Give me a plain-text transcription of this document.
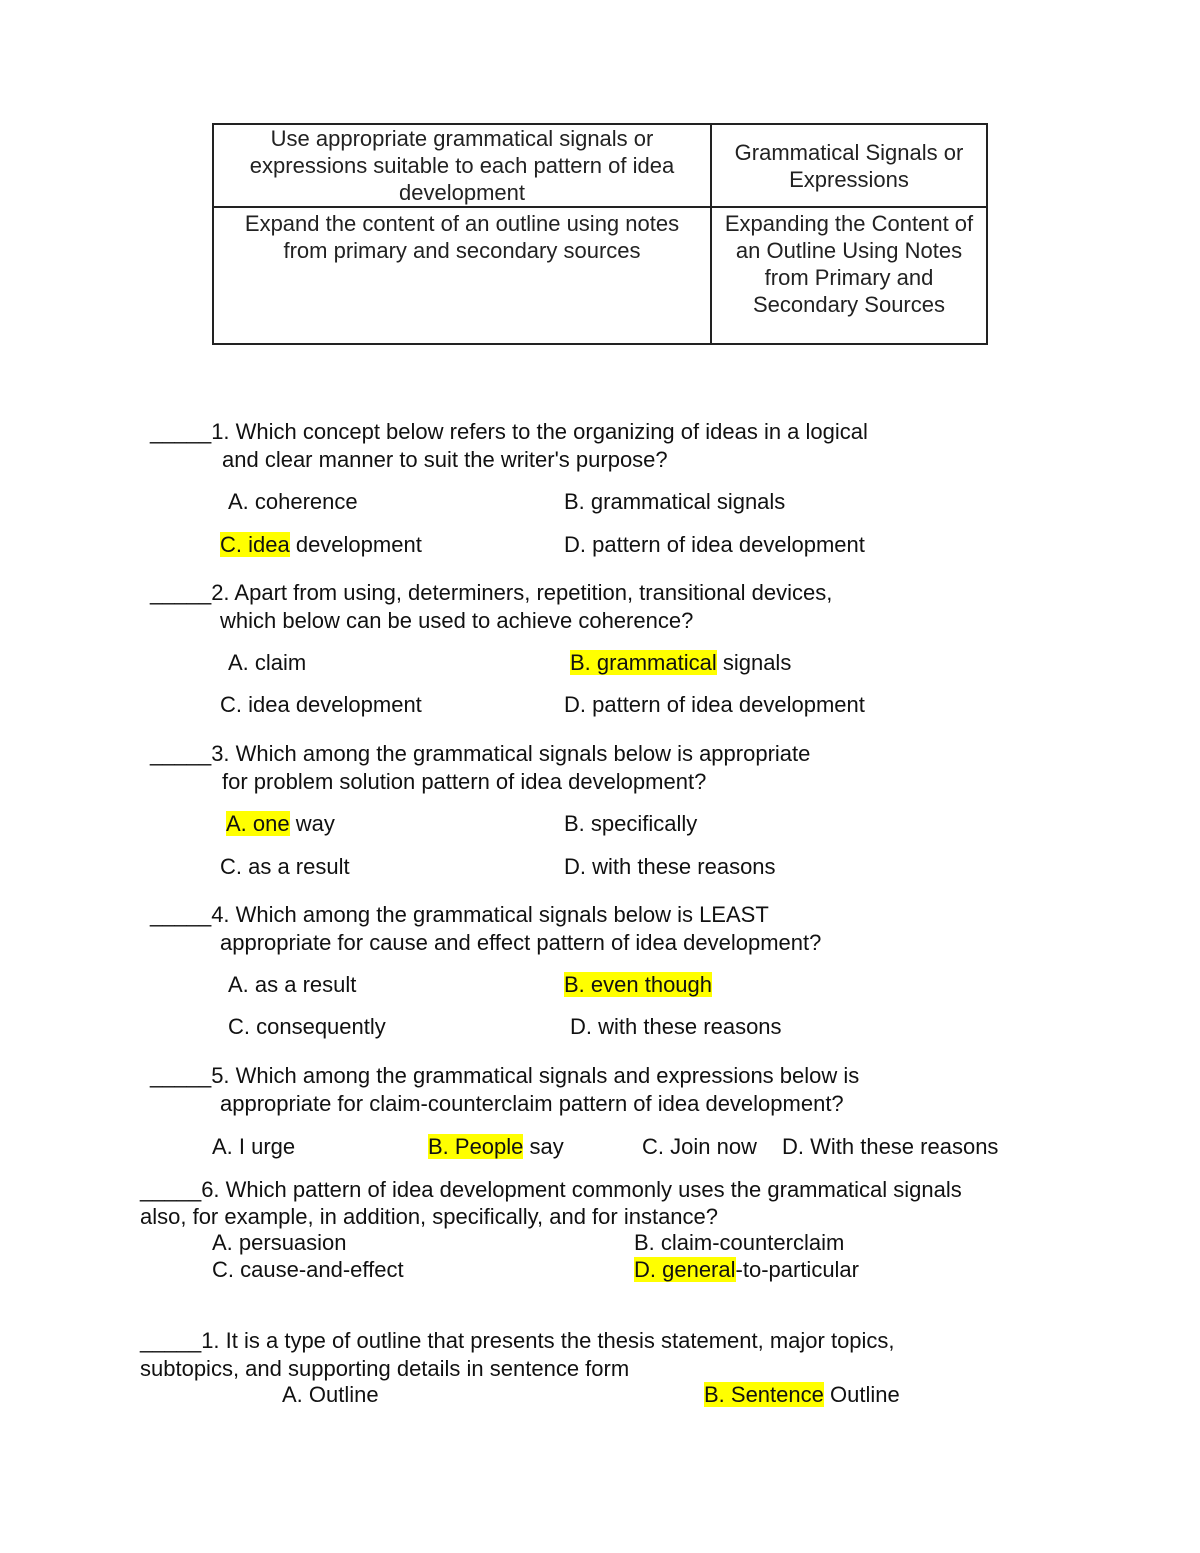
Use appropriate grammatical signals or expressions suitable to each pattern of idea development	Grammatical Signals or Expressions
Expand the content of an outline using notes from primary and secondary sources	Expanding the Content of an Outline Using Notes from Primary and Secondary Sources
_____1. Which concept below refers to the organizing of ideas in a logical
and clear manner to suit the writer's purpose?
A. coherence	B. grammatical signals
C. idea development	D. pattern of idea development
_____2. Apart from using, determiners, repetition, transitional devices,
which below can be used to achieve coherence?
A. claim	B. grammatical signals
C. idea development	D. pattern of idea development
_____3. Which among the grammatical signals below is appropriate
for problem solution pattern of idea development?
A. one way	B. specifically
C. as a result	D. with these reasons
_____4. Which among the grammatical signals below is LEAST
appropriate for cause and effect pattern of idea development?
A. as a result	B. even though
C. consequently	D. with these reasons
_____5. Which among the grammatical signals and expressions below is
appropriate for claim-counterclaim pattern of idea development?
A. I urge	B. People say	C. Join now D. With these reasons
_____6. Which pattern of idea development commonly uses the grammatical signals
also, for example, in addition, specifically, and for instance?
A. persuasion	B. claim-counterclaim
C. cause-and-effect	D. general-to-particular
_____1. It is a type of outline that presents the thesis statement, major topics,
subtopics, and supporting details in sentence form
A. Outline	B. Sentence Outline
